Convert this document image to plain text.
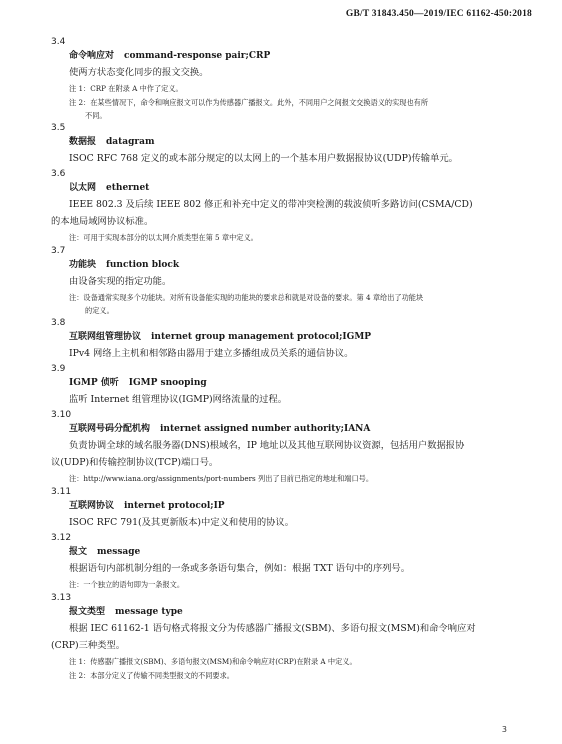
GB/T 31843.450—2019/IEC 61162-450:2018
3.4
命令响应对 command-response pair;CRP
使两方状态变化同步的报文交换。
注 1：CRP 在附录 A 中作了定义。
注 2：在某些情况下，命令和响应报文可以作为传感器广播报文。此外，不同用户之间报文交换语义的实现也有所
不同。
3.5
数据报 datagram
ISOC RFC 768 定义的或本部分规定的以太网上的一个基本用户数据报协议(UDP)传输单元。
3.6
以太网 ethernet
IEEE 802.3 及后续 IEEE 802 修正和补充中定义的带冲突检测的载波侦听多路访问(CSMA/CD)
的本地局域网协议标准。
注：可用于实现本部分的以太网介质类型在第 5 章中定义。
3.7
功能块 function block
由设备实现的指定功能。
注：设备通常实现多个功能块。对所有设备能实现的功能块的要求总和就是对设备的要求。第 4 章给出了功能块
的定义。
3.8
互联网组管理协议 internet group management protocol;IGMP
IPv4 网络上主机和相邻路由器用于建立多播组成员关系的通信协议。
3.9
IGMP 侦听 IGMP snooping
监听 Internet 组管理协议(IGMP)网络流量的过程。
3.10
互联网号码分配机构 internet assigned number authority;IANA
负责协调全球的域名服务器(DNS)根域名，IP 地址以及其他互联网协议资源，包括用户数据报协
议(UDP)和传输控制协议(TCP)端口号。
注：http://www.iana.org/assignments/port-numbers 列出了目前已指定的地址和端口号。
3.11
互联网协议 internet protocol;IP
ISOC RFC 791(及其更新版本)中定义和使用的协议。
3.12
报文 message
根据语句内部机制分组的一条或多条语句集合，例如：根据 TXT 语句中的序列号。
注：一个独立的语句即为一条报文。
3.13
报文类型 message type
根据 IEC 61162-1 语句格式将报文分为传感器广播报文(SBM)、多语句报文(MSM)和命令响应对
(CRP)三种类型。
注 1：传感器广播报文(SBM)、多语句报文(MSM)和命令响应对(CRP)在附录 A 中定义。
注 2：本部分定义了传输不同类型报文的不同要求。
3
